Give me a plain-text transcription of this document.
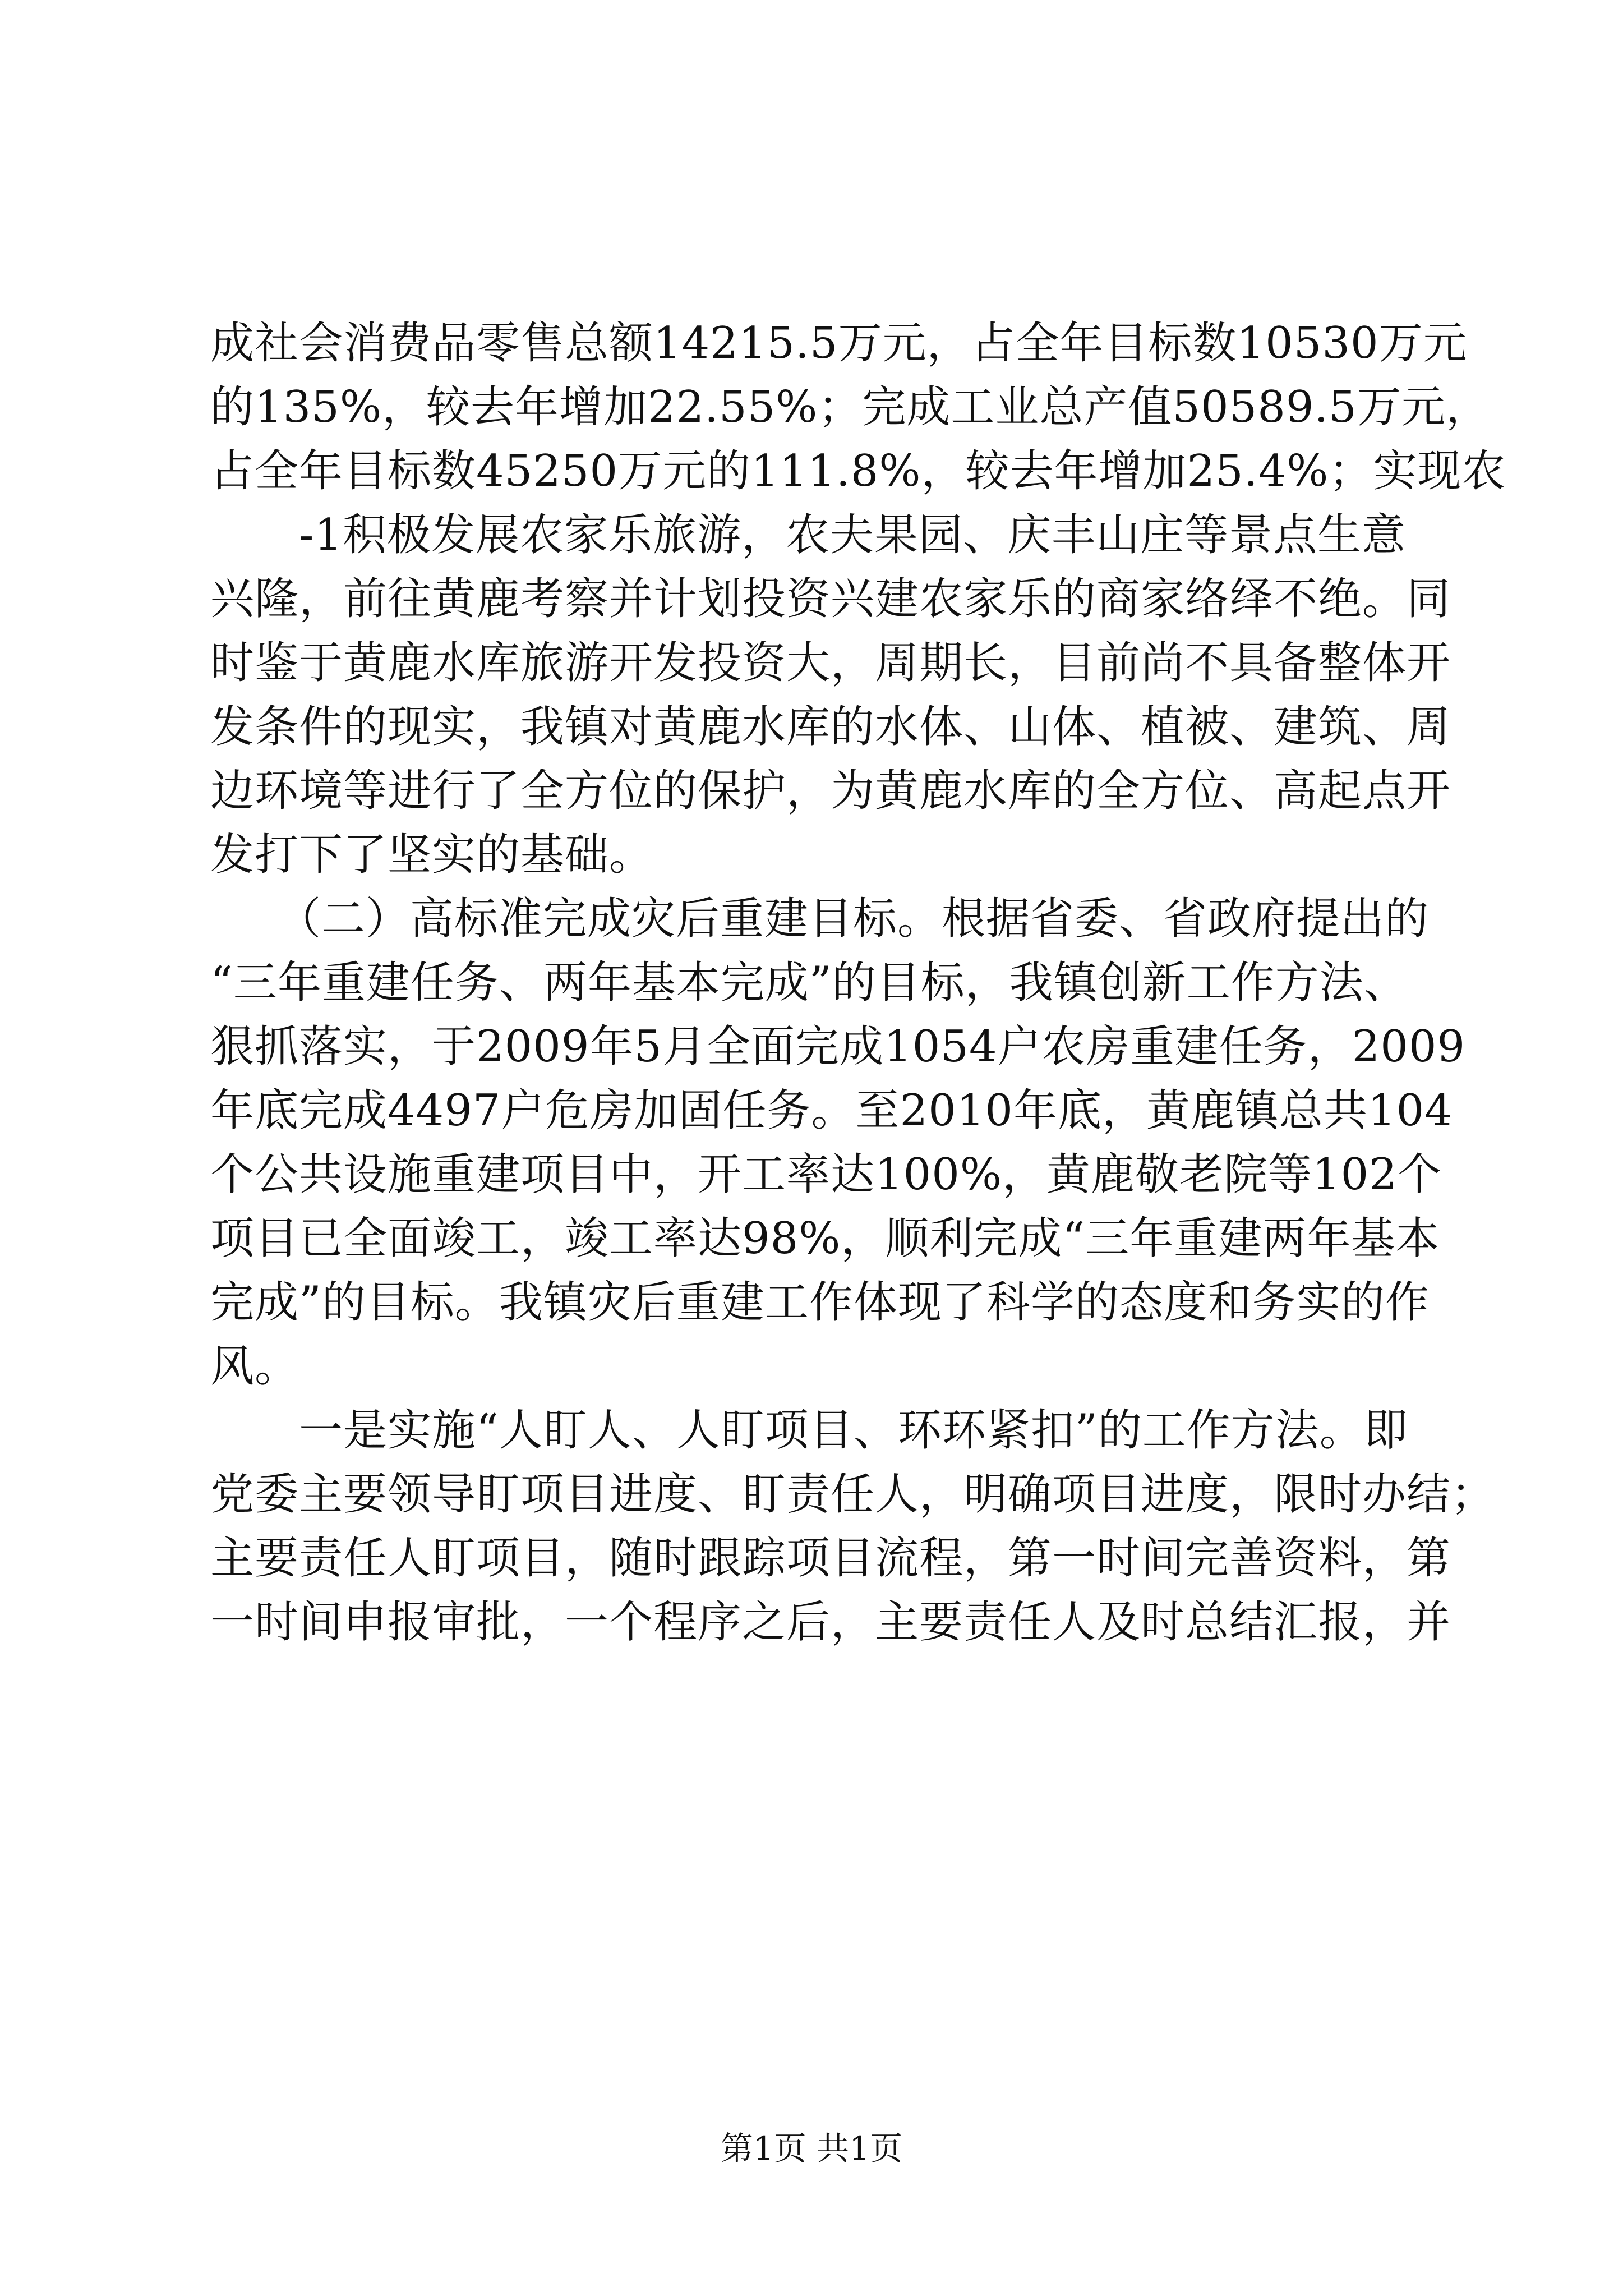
成社会消费品零售总额14215.5万元，占全年目标数10530万元
的135%，较去年增加22.55%；完成工业总产值50589.5万元，
占全年目标数45250万元的111.8%，较去年增加25.4%；实现农
　　-1积极发展农家乐旅游，农夫果园、庆丰山庄等景点生意
兴隆，前往黄鹿考察并计划投资兴建农家乐的商家络绎不绝。同
时鉴于黄鹿水库旅游开发投资大，周期长，目前尚不具备整体开
发条件的现实，我镇对黄鹿水库的水体、山体、植被、建筑、周
边环境等进行了全方位的保护，为黄鹿水库的全方位、高起点开
发打下了坚实的基础。
　　（二）高标准完成灾后重建目标。根据省委、省政府提出的
“三年重建任务、两年基本完成”的目标，我镇创新工作方法、
狠抓落实，于2009年5月全面完成1054户农房重建任务，2009
年底完成4497户危房加固任务。至2010年底，黄鹿镇总共104
个公共设施重建项目中，开工率达100%，黄鹿敬老院等102个
项目已全面竣工，竣工率达98%，顺利完成“三年重建两年基本
完成”的目标。我镇灾后重建工作体现了科学的态度和务实的作
风。
　　一是实施“人盯人、人盯项目、环环紧扣”的工作方法。即
党委主要领导盯项目进度、盯责任人，明确项目进度，限时办结；
主要责任人盯项目，随时跟踪项目流程，第一时间完善资料，第
一时间申报审批，一个程序之后，主要责任人及时总结汇报，并
第1页 共1页
